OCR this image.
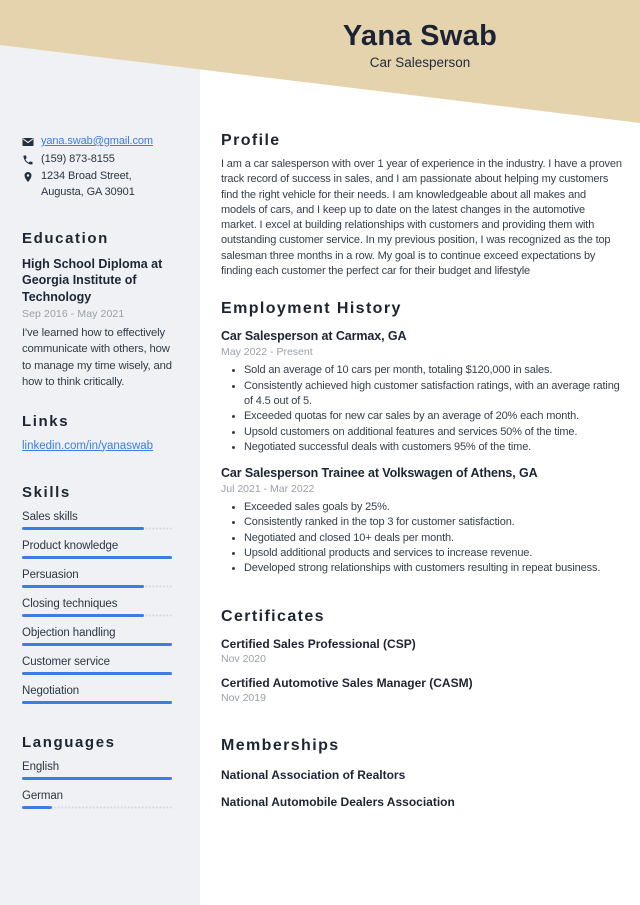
Yana Swab
Car Salesperson
yana.swab@gmail.com
(159) 873-8155
1234 Broad Street, Augusta, GA 30901
Education
High School Diploma at Georgia Institute of Technology
Sep 2016 - May 2021
I've learned how to effectively communicate with others, how to manage my time wisely, and how to think critically.
Links
linkedin.com/in/yanaswab
Skills
Sales skills
Product knowledge
Persuasion
Closing techniques
Objection handling
Customer service
Negotiation
Languages
English
German
Profile
I am a car salesperson with over 1 year of experience in the industry. I have a proven track record of success in sales, and I am passionate about helping my customers find the right vehicle for their needs. I am knowledgeable about all makes and models of cars, and I keep up to date on the latest changes in the automotive market. I excel at building relationships with customers and providing them with outstanding customer service. In my previous position, I was recognized as the top salesman three months in a row. My goal is to continue exceed expectations by finding each customer the perfect car for their budget and lifestyle
Employment History
Car Salesperson at Carmax, GA
May 2022 - Present
• Sold an average of 10 cars per month, totaling $120,000 in sales.
• Consistently achieved high customer satisfaction ratings, with an average rating of 4.5 out of 5.
• Exceeded quotas for new car sales by an average of 20% each month.
• Upsold customers on additional features and services 50% of the time.
• Negotiated successful deals with customers 95% of the time.
Car Salesperson Trainee at Volkswagen of Athens, GA
Jul 2021 - Mar 2022
• Exceeded sales goals by 25%.
• Consistently ranked in the top 3 for customer satisfaction.
• Negotiated and closed 10+ deals per month.
• Upsold additional products and services to increase revenue.
• Developed strong relationships with customers resulting in repeat business.
Certificates
Certified Sales Professional (CSP)
Nov 2020
Certified Automotive Sales Manager (CASM)
Nov 2019
Memberships
National Association of Realtors
National Automobile Dealers Association
